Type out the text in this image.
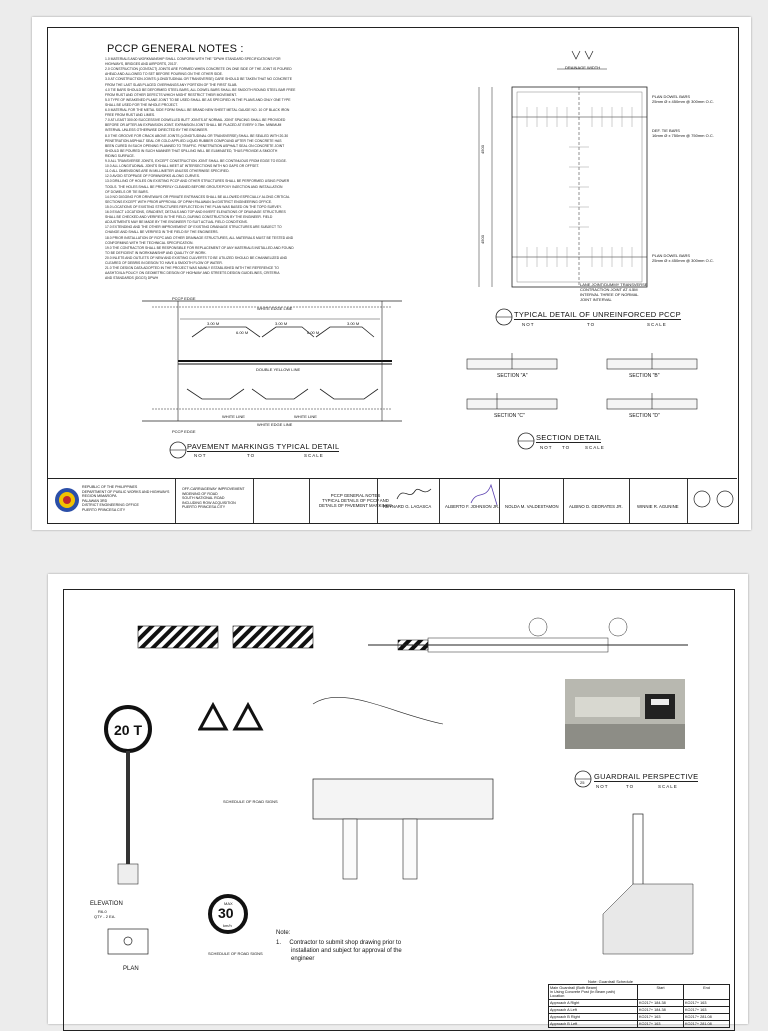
PCCP GENERAL NOTES :
1.0 MATERIALS AND WORKMANSHIP SHALL CONFORM WITH THE "DPWH STANDARD SPECIFICATIONS FOR
HIGHWAYS, BRIDGES AND AIRPORTS, 2013".
2.0 CONSTRUCTION (CONTACT) JOINTS ARE FORMED WHEN CONCRETE ON ONE SIDE OF THE JOINT IS POURED
AHEAD AND ALLOWED TO SET BEFORE POURING ON THE OTHER SIDE.
3.0 AT CONSTRUCTION JOINTS (LONGITUDINAL OR TRANSVERSE) CARE SHOULD BE TAKEN THAT NO CONCRETE
FROM THE LAST SLAB PLACED OVERHANGS ANY PORTION OF THE FIRST SLAB.
4.0 TIE BARS SHOULD BE DEFORMED STEEL BARS, ALL DOWEL BARS SHALL BE SMOOTH ROUND STEEL BAR FREE
FROM RUST AND OTHER DEFECTS WHICH MIGHT RESTRICT THEIR MOVEMENT.
5.0 TYPE OF WEAKENED PLANE JOINT TO BE USED SHALL BE AS SPECIFIED IN THE PLANS AND ONLY ONE TYPE
SHALL BE USED FOR THE WHOLE PROJECT.
6.0 MATERIAL FOR THE METAL SIDE FORM SHALL BE BRAND NEW SHEET METAL GAUGE NO. 10 OF BLACK IRON
FREE FROM RUST AND LIMES.
7.0 AT LEAST 300.00 SUCCESSIVE DOWELLED BUTT JOINTS AT NORMAL JOINT SPACING SHALL BE PROVIDED
BEFORE OR AFTER AN EXPANSION JOINT. EXPANSION JOINT SHALL BE PLACED AT EVERY 0.75m. MINIMUM
INTERVAL UNLESS OTHERWISE DIRECTED BY THE ENGINEER.
8.0 THE GROOVE FOR CRACK ABOVE JOINTS (LONGITUDINAL OR TRANSVERSE) SHALL BE SEALED WITH 20-30
PENETRATION ASPHALT SEAL OR COLD APPLIED LIQUID RUBBER COMPOUND AFTER THE CONCRETE HAS
BEEN CURED IN SUCH OPENING PLANNED TO TRAFFIC. PENETRATION ASPHALT SEAL ON CONCRETE JOINT
SHOULD BE POURED IN SUCH MANNER THAT SPILLING WILL BE ELIMINATED, THUS PROVIDE A SMOOTH
RIDING SURFACE.
9.0 ALL TRANSVERSE JOINTS, EXCEPT CONSTRUCTION JOINT SHALL BE CONTINUOUS FROM EDGE TO EDGE.
10.0 ALL LONGITUDINAL JOINTS SHALL MEET AT INTERSECTIONS WITH NO GAPS OR OFFSET.
11.0 ALL DIMENSIONS ARE IN MILLIMETER UNLESS OTHERWISE SPECIFIED.
12.0 AVOID STOPPAGE OF FORMWORKS ALONG CURVES.
13.0 DRILLING OF HOLES ON EXISTING PCCP AND OTHER STRUCTURES SHALL BE PERFORMED USING POWER
TOOLS. THE HOLES SHALL BE PROPERLY CLEANED BEFORE GROUT/EPOXY INJECTION AND INSTALLATION
OF DOWELS OR TIE BARS.
14.0 NO DIGGING FOR DRIVEWAYS OR PRIVATE ENTRANCES SHALL BE ALLOWED ESPECIALLY ALONG CRITICAL
SECTIONS EXCEPT WITH PRIOR APPROVAL OF DPWH PALAWAN 3rd DISTRICT ENGINEERING OFFICE.
15.0 LOCATIONS OF EXISTING STRUCTURES REFLECTED IN THE PLAN WAS BASED ON THE TOPO SURVEY.
16.0 EXACT LOCATIONS, GRADIENT, DETAILS AND TOP AND INVERT ELEVATIONS OF DRAINAGE STRUCTURES
SHALL BE CHECKED AND VERIFIED IN THE FIELD, DURING CONSTRUCTION BY THE ENGINEER. FIELD
ADJUSTMENTS MAY BE MADE BY THE ENGINEER TO SUIT ACTUAL FIELD CONDITIONS.
17.0 EXTENDING AND THE OTHER IMPROVEMENT OF EXISTING DRAINAGE STRUCTURES ARE SUBJECT TO
CHANGE AND SHALL BE VERIFIED IN THE FIELD BY THE ENGINEERS.
18.0 PRIOR INSTALLATION OF RCPC AND OTHER DRAINAGE STRUCTURES, ALL MATERIALS MUST BE TESTED AND
CONFORMING WITH THE TECHNICAL SPECIFICATION.
19.0 THE CONTRACTOR SHALL BE RESPONSIBLE FOR REPLACEMENT OF ANY MATERIALS INSTALLED AND FOUND
TO BE DEFICIENT IN WORKMANSHIP AND QUALITY OF WORK.
20.0 INLETS AND OUTLETS OF NEW AND EXISTING CULVERTS TO BE UTILIZED SHOULD BE CHANNELIZED AND
CLEARED OF DEBRIS IN DESIGN TO HAVE A SMOOTH FLOW OF WATER.
21.0 THE DESIGN DATA ADOPTED IN THE PROJECT WAS MAINLY ESTABLISHED WITH THE REFERENCE TO
AASHTO/ILA POLICY ON GEOMETRIC DESIGN OF HIGHWAY AND STREETS DESIGN GUIDELINES, CRITERIA
AND STANDARDS (DGCS) DPWH
PCCP EDGE
WHITE EDGE LINE
3.00 M
6.00 M
3.00 M
6.00 M
3.00 M
DOUBLE YELLOW LINE
WHITE LINE	WHITE LINE
WHITE EDGE LINE
PCCP EDGE
PAVEMENT MARKINGS TYPICAL DETAIL
NOT	TO	SCALE
DRAINAGE WIDTH
PLAN DOWEL BARS
25mm Ø x 450mm @ 300mm O.C.
DEF. TIE BARS
16mm Ø x 750mm @ 750mm O.C.
PLAN DOWEL BARS
25mm Ø x 450mm @ 300mm O.C.
LANE JOINT/DUMMY TRANSVERSE
CONTRACTION JOINT AT 4.5M
INTERVAL THREE OF NORMAL
JOINT INTERVAL
4500
4500
TYPICAL DETAIL OF UNREINFORCED PCCP
NOT	TO	SCALE
SECTION "A"	SECTION "B"
SECTION "C"	SECTION "D"
SECTION DETAIL
NOT TO	SCALE
REPUBLIC OF THE PHILIPPINES
DEPARTMENT OF PUBLIC WORKS AND HIGHWAYS
REGION MIMAROPA
PALAWAN 3RD
DISTRICT ENGINEERING OFFICE
PUERTO PRINCESA CITY
OFF-CARRIAGEWAY IMPROVEMENT
WIDENING OF ROAD
SOUTH NATIONAL ROAD
INCLUDING ROW ACQUISITION
PUERTO PRINCESA CITY
PCCP GENERAL NOTES
TYPICAL DETAILS OF PCCP AND
DETAILS OF PAVEMENT MARKINGS
REYNARD G. LAGASCA	ALBERTO F. JOHNSON JR. NOLDA M. VALDESTAMON ALBINO D. GEORATES JR.	WINNIE R. AGUNINE
20 T
ELEVATION
R6-0
QTY - 2 EA.	30
MAX
km/h
SCHEDULE OF ROAD SIGNS
SCHEDULE OF ROAD SIGNS
PLAN
25
GUARDRAIL PERSPECTIVE
NOT	TO	SCALE
Note:
1.     Contractor to submit shop drawing prior to
installation and subject for approval of the
engineer
Note: Guardrail Schedule
Main Guardrail (Both Beam)
in Using Concrete Post (In Beam path)
Location
Start	End
Approach A Right	KO217+ 184.38	KO217+ 163
Approach A Left	KO217+ 184.38	KO217+ 163
Approach B Right	KO217+ 163	KO217+ 281.08
Approach B Left	KO217+ 163	KO217+ 281.08
